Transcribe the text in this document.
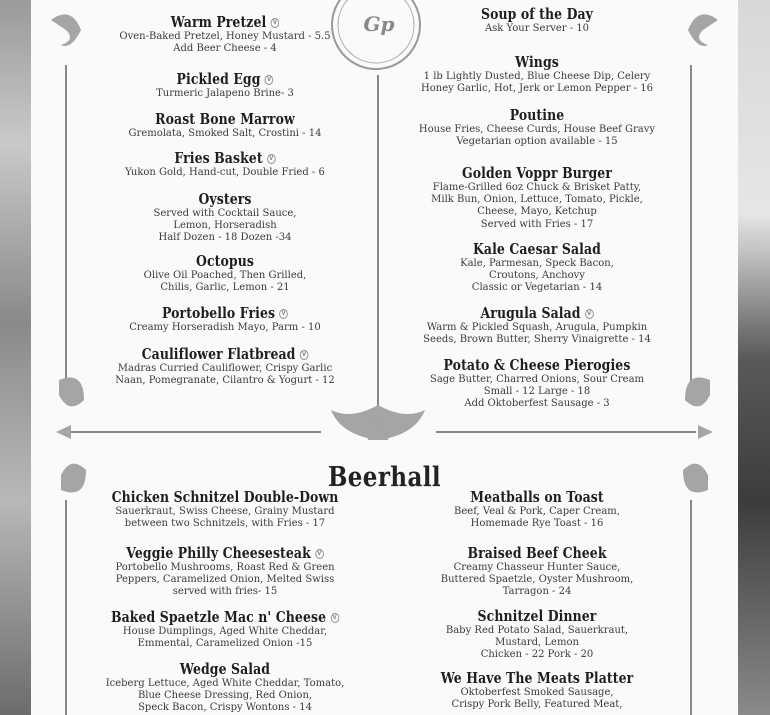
Gp
Warm Pretzel V
Oven-Baked Pretzel, Honey Mustard - 5.5
Add Beer Cheese - 4
Pickled Egg V
Turmeric Jalapeno Brine- 3
Roast Bone Marrow
Gremolata, Smoked Salt, Crostini - 14
Fries Basket V
Yukon Gold, Hand-cut, Double Fried - 6
Oysters
Served with Cocktail Sauce,
Lemon, Horseradish
Half Dozen - 18 Dozen -34
Octopus
Olive Oil Poached, Then Grilled,
Chilis, Garlic, Lemon - 21
Portobello Fries V
Creamy Horseradish Mayo, Parm - 10
Cauliflower Flatbread V
Madras Curried Cauliflower, Crispy Garlic
Naan, Pomegranate, Cilantro & Yogurt - 12
Soup of the Day
Ask Your Server - 10
Wings
1 lb Lightly Dusted, Blue Cheese Dip, Celery
Honey Garlic, Hot, Jerk or Lemon Pepper - 16
Poutine
House Fries, Cheese Curds, House Beef Gravy
Vegetarian option available - 15
Golden Voppr Burger
Flame-Grilled 6oz Chuck & Brisket Patty,
Milk Bun, Onion, Lettuce, Tomato, Pickle,
Cheese, Mayo, Ketchup
Served with Fries - 17
Kale Caesar Salad
Kale, Parmesan, Speck Bacon,
Croutons, Anchovy
Classic or Vegetarian - 14
Arugula Salad V
Warm & Pickled Squash, Arugula, Pumpkin
Seeds, Brown Butter, Sherry Vinaigrette - 14
Potato & Cheese Pierogies
Sage Butter, Charred Onions, Sour Cream
Small - 12 Large - 18
Add Oktoberfest Sausage - 3
Beerhall
Chicken Schnitzel Double-Down
Sauerkraut, Swiss Cheese, Grainy Mustard
between two Schnitzels, with Fries - 17
Veggie Philly Cheesesteak V
Portobello Mushrooms, Roast Red & Green
Peppers, Caramelized Onion, Melted Swiss
served with fries- 15
Baked Spaetzle Mac n' Cheese V
House Dumplings, Aged White Cheddar,
Emmental, Caramelized Onion -15
Wedge Salad
Iceberg Lettuce, Aged White Cheddar, Tomato,
Blue Cheese Dressing, Red Onion,
Speck Bacon, Crispy Wontons - 14
Meatballs on Toast
Beef, Veal & Pork, Caper Cream,
Homemade Rye Toast - 16
Braised Beef Cheek
Creamy Chasseur Hunter Sauce,
Buttered Spaetzle, Oyster Mushroom,
Tarragon - 24
Schnitzel Dinner
Baby Red Potato Salad, Sauerkraut,
Mustard, Lemon
Chicken - 22 Pork - 20
We Have The Meats Platter
Oktoberfest Smoked Sausage,
Crispy Pork Belly, Featured Meat,
